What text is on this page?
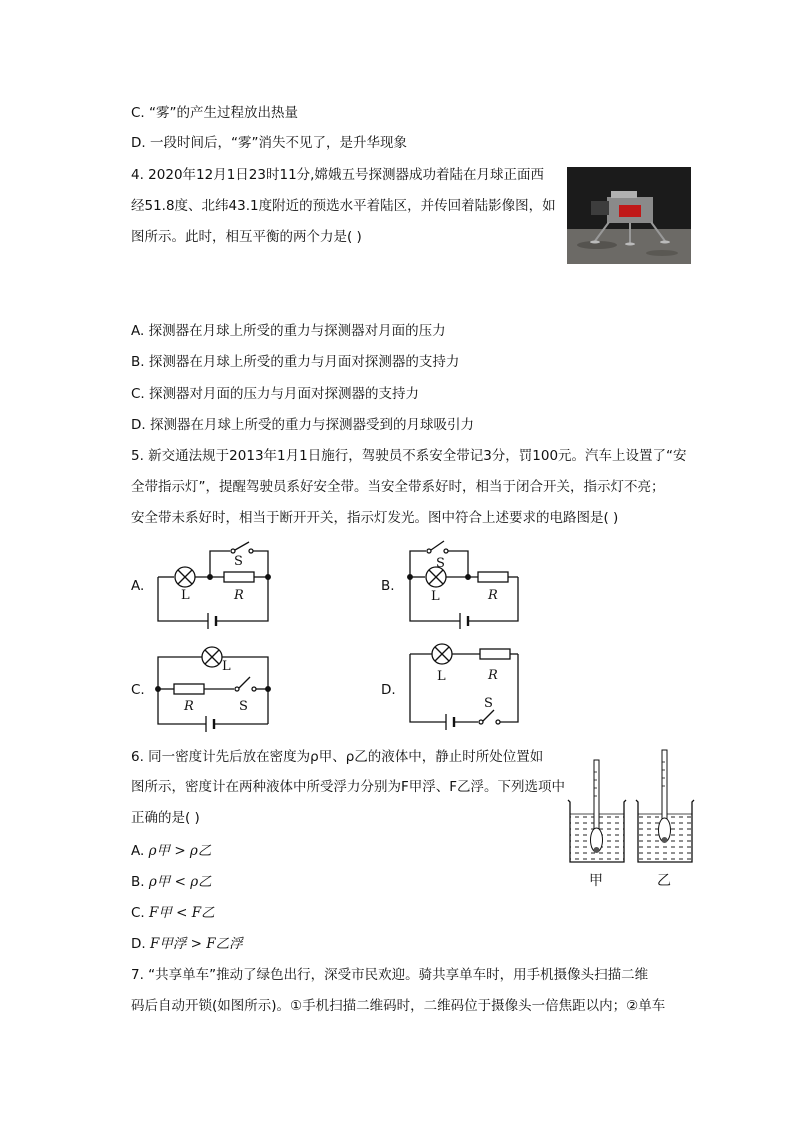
C. “雾”的产生过程放出热量
D. 一段时间后，“雾”消失不见了，是升华现象
4. 2020年12月1日23时11分,嫦娥五号探测器成功着陆在月球正面西
经51.8度、北纬43.1度附近的预选水平着陆区，并传回着陆影像图，如
图所示。此时，相互平衡的两个力是( )
A. 探测器在月球上所受的重力与探测器对月面的压力
B. 探测器在月球上所受的重力与月面对探测器的支持力
C. 探测器对月面的压力与月面对探测器的支持力
D. 探测器在月球上所受的重力与探测器受到的月球吸引力
5. 新交通法规于2013年1月1日施行，驾驶员不系安全带记3分，罚100元。汽车上设置了“安
全带指示灯”，提醒驾驶员系好安全带。当安全带系好时，相当于闭合开关，指示灯不亮；
安全带未系好时，相当于断开开关，指示灯发光。图中符合上述要求的电路图是( )
A.	B.
C.	D.
S
L	R
S
L	R
L
R	S
L	R
S
6. 同一密度计先后放在密度为ρ甲、ρ乙的液体中，静止时所处位置如
图所示，密度计在两种液体中所受浮力分别为F甲浮、F乙浮。下列选项中
正确的是( )
A. ρ甲 > ρ乙
B. ρ甲 < ρ乙
C. F甲 < F乙
D. F甲浮 > F乙浮
甲	乙
7. “共享单车”推动了绿色出行，深受市民欢迎。骑共享单车时，用手机摄像头扫描二维
码后自动开锁(如图所示)。①手机扫描二维码时，二维码位于摄像头一倍焦距以内；②单车
